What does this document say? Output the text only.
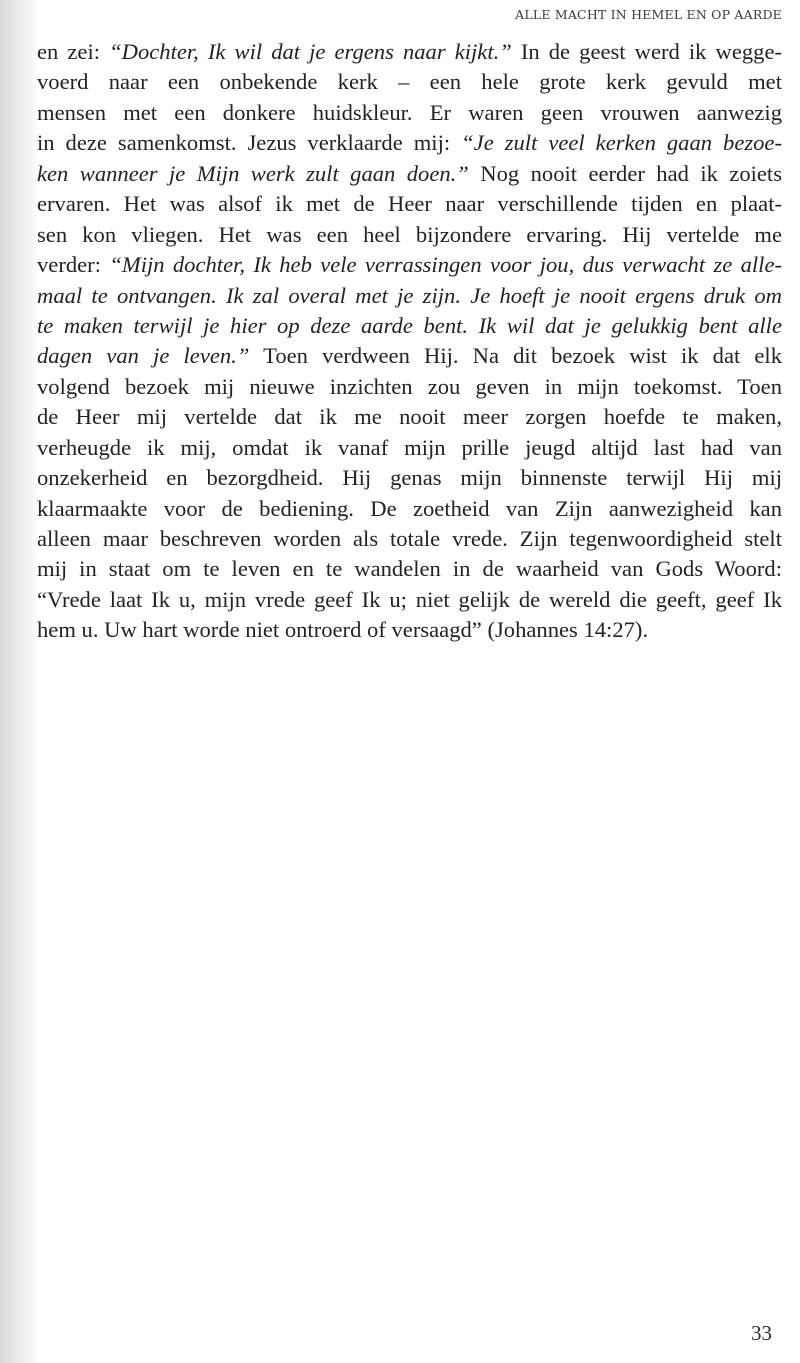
ALLE MACHT IN HEMEL EN OP AARDE
en zei: “Dochter, Ik wil dat je ergens naar kijkt.” In de geest werd ik wegge-
voerd naar een onbekende kerk – een hele grote kerk gevuld met
mensen met een donkere huidskleur. Er waren geen vrouwen aanwezig
in deze samenkomst. Jezus verklaarde mij: “Je zult veel kerken gaan bezoe-
ken wanneer je Mijn werk zult gaan doen.” Nog nooit eerder had ik zoiets
ervaren. Het was alsof ik met de Heer naar verschillende tijden en plaat-
sen kon vliegen. Het was een heel bijzondere ervaring. Hij vertelde me
verder: “Mijn dochter, Ik heb vele verrassingen voor jou, dus verwacht ze alle-
maal te ontvangen. Ik zal overal met je zijn. Je hoeft je nooit ergens druk om
te maken terwijl je hier op deze aarde bent. Ik wil dat je gelukkig bent alle
dagen van je leven.” Toen verdween Hij. Na dit bezoek wist ik dat elk
volgend bezoek mij nieuwe inzichten zou geven in mijn toekomst. Toen
de Heer mij vertelde dat ik me nooit meer zorgen hoefde te maken,
verheugde ik mij, omdat ik vanaf mijn prille jeugd altijd last had van
onzekerheid en bezorgdheid. Hij genas mijn binnenste terwijl Hij mij
klaarmaakte voor de bediening. De zoetheid van Zijn aanwezigheid kan
alleen maar beschreven worden als totale vrede. Zijn tegenwoordigheid stelt
mij in staat om te leven en te wandelen in de waarheid van Gods Woord:
“Vrede laat Ik u, mijn vrede geef Ik u; niet gelijk de wereld die geeft, geef Ik
hem u. Uw hart worde niet ontroerd of versaagd” (Johannes 14:27).
33
